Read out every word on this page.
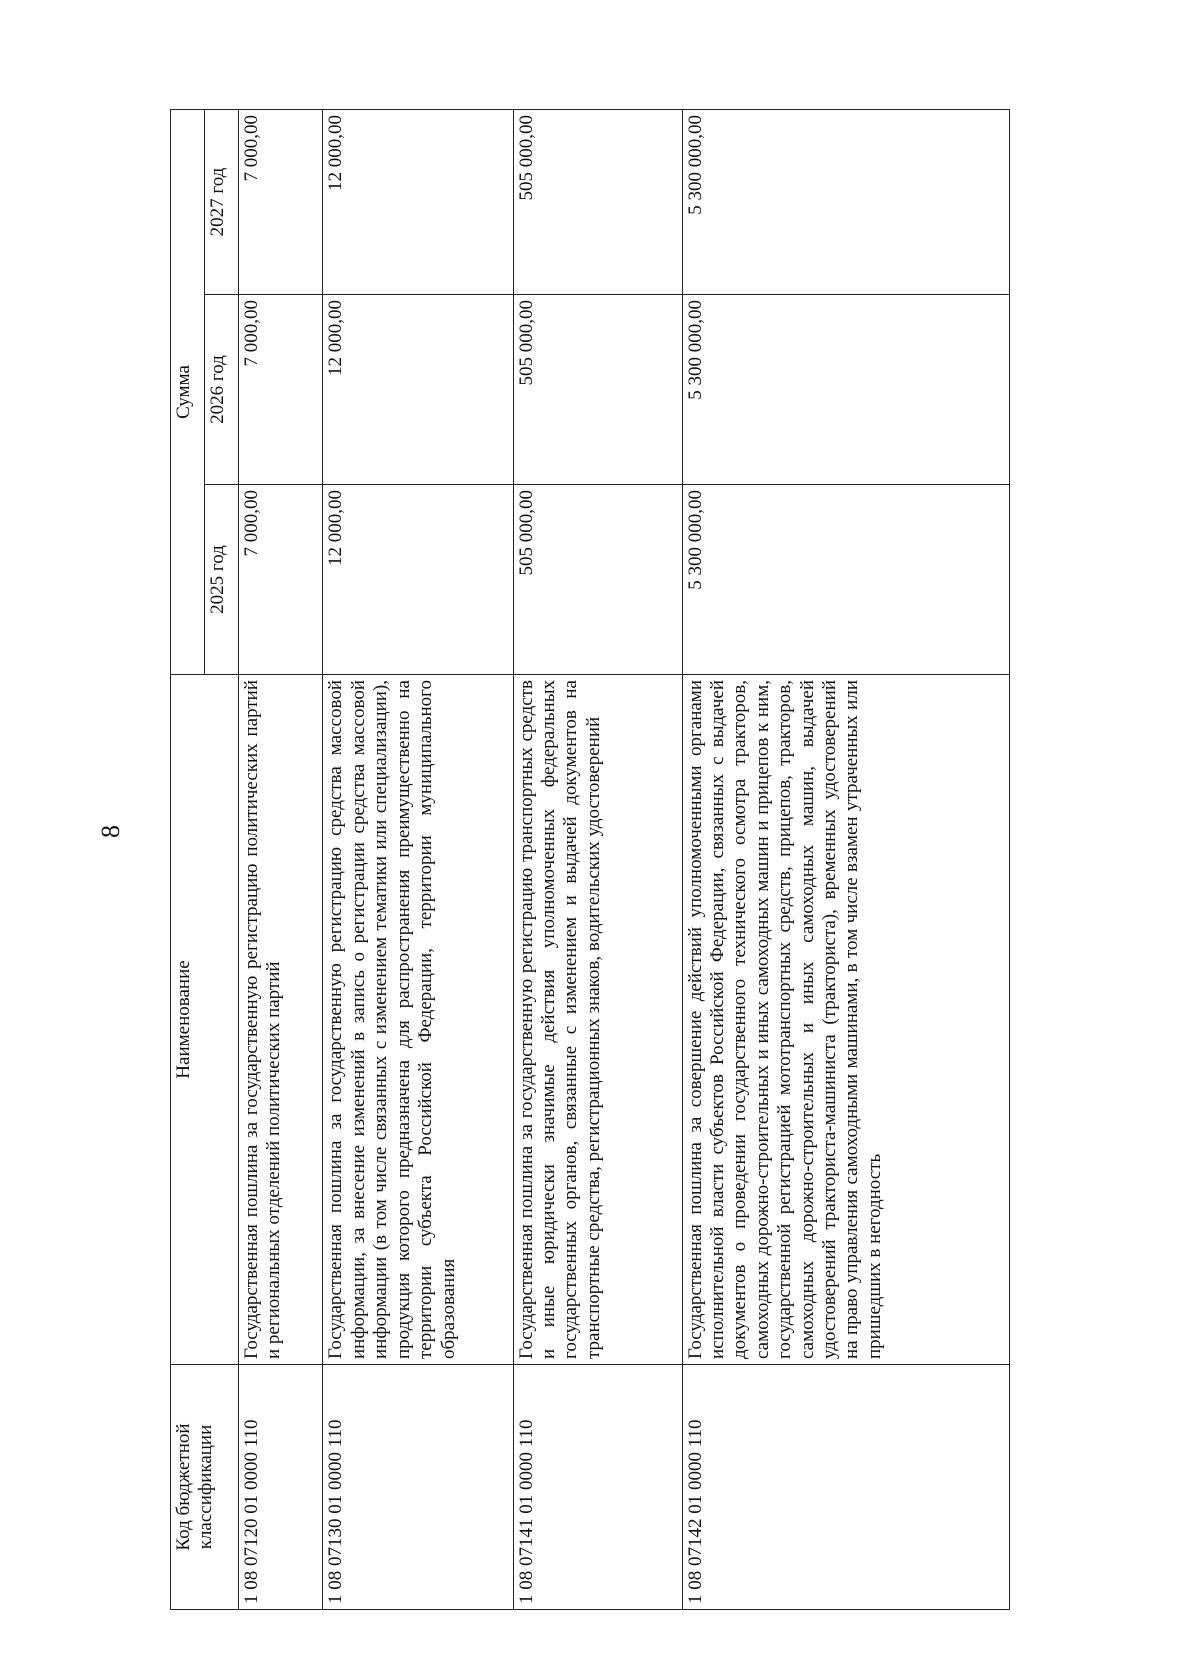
8
Код бюджетной классификации	Наименование	Сумма		
		2025 год	2026 год	2027 год
1 08 07120 01 0000 110	Государственная пошлина за государственную регистрацию политических партий и региональных отделений политических партий	7 000,00	7 000,00	7 000,00
1 08 07130 01 0000 110	Государственная пошлина за государственную регистрацию средства массовой информации, за внесение изменений в запись о регистрации средства массовой информации (в том числе связанных с изменением тематики или специализации), продукция которого предназначена для распространения преимущественно на территории субъекта Российской Федерации, территории муниципального образования	12 000,00	12 000,00	12 000,00
1 08 07141 01 0000 110	Государственная пошлина за государственную регистрацию транспортных средств и иные юридически значимые действия уполномоченных федеральных государственных органов, связанные с изменением и выдачей документов на транспортные средства, регистрационных знаков, водительских удостоверений	505 000,00	505 000,00	505 000,00
1 08 07142 01 0000 110	Государственная пошлина за совершение действий уполномоченными органами исполнительной власти субъектов Российской Федерации, связанных с выдачей документов о проведении государственного технического осмотра тракторов, самоходных дорожно-строительных и иных самоходных машин и прицепов к ним, государственной регистрацией мототранспортных средств, прицепов, тракторов, самоходных дорожно-строительных и иных самоходных машин, выдачей удостоверений тракториста-машиниста (тракториста), временных удостоверений на право управления самоходными машинами, в том числе взамен утраченных или пришедших в негодность	5 300 000,00	5 300 000,00	5 300 000,00
